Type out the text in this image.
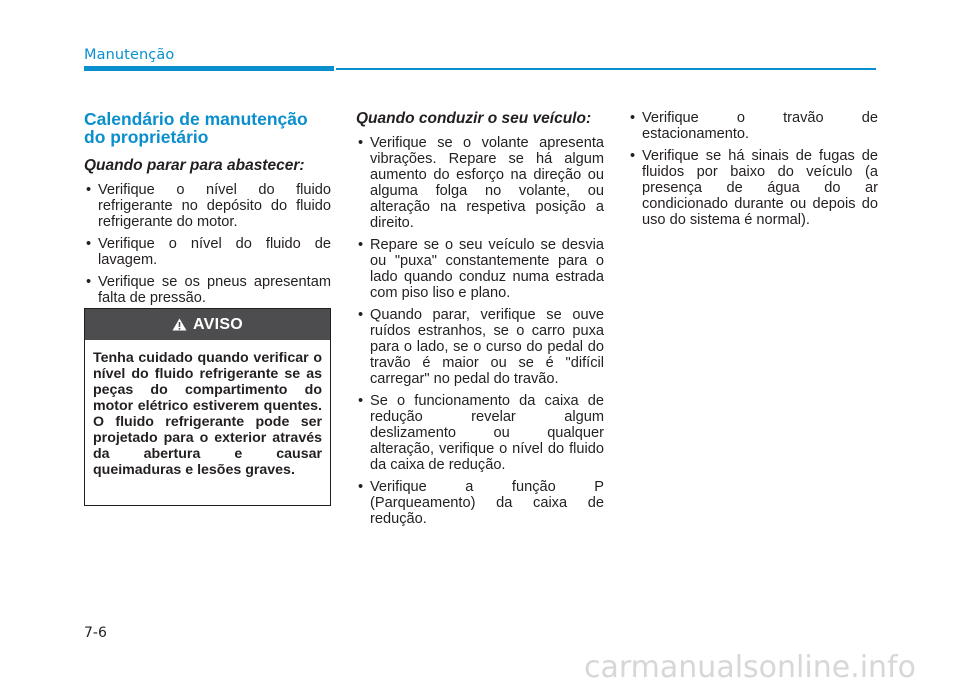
Manutenção
Calendário de manutenção do proprietário
Quando parar para abastecer:
• Verifique o nível do fluido refrigerante no depósito do fluido refrigerante do motor.
• Verifique o nível do fluido de lavagem.
• Verifique se os pneus apresentam falta de pressão.
AVISO
Tenha cuidado quando verificar o nível do fluido refrigerante se as peças do compartimento do motor elétrico estiverem quentes. O fluido refrigerante pode ser projetado para o exterior através da abertura e causar queimaduras e lesões graves.
Quando conduzir o seu veículo:
• Verifique se o volante apresenta vibrações. Repare se há algum aumento do esforço na direção ou alguma folga no volante, ou alteração na respetiva posição a direito.
• Repare se o seu veículo se desvia ou "puxa" constantemente para o lado quando conduz numa estrada com piso liso e plano.
• Quando parar, verifique se ouve ruídos estranhos, se o carro puxa para o lado, se o curso do pedal do travão é maior ou se é "difícil carregar" no pedal do travão.
• Se o funcionamento da caixa de redução revelar algum deslizamento ou qualquer alteração, verifique o nível do fluido da caixa de redução.
• Verifique a função P (Parqueamento) da caixa de redução.
• Verifique o travão de estacionamento.
• Verifique se há sinais de fugas de fluidos por baixo do veículo (a presença de água do ar condicionado durante ou depois do uso do sistema é normal).
7-6
carmanualsonline.info
